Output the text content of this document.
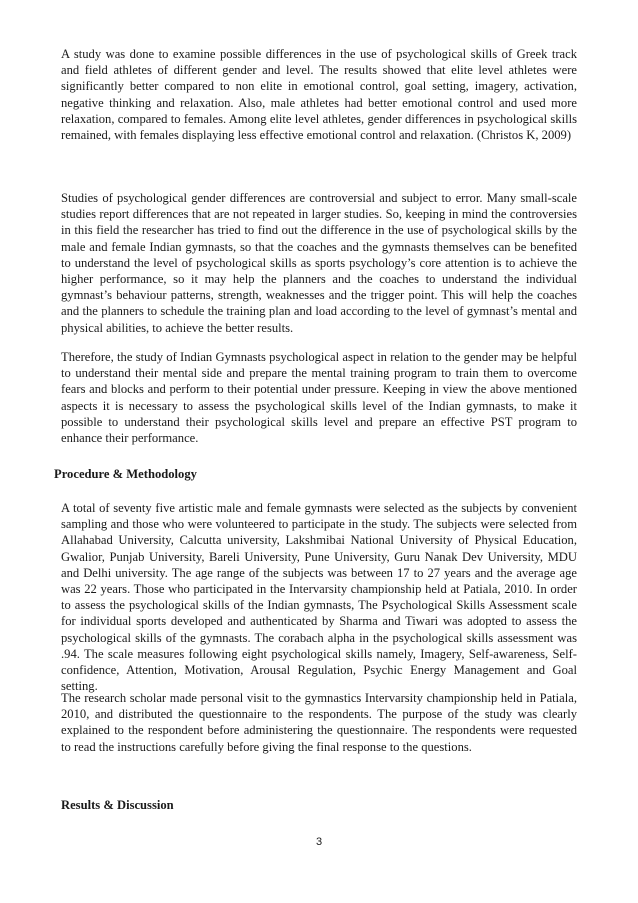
A study was done to examine possible differences in the use of psychological skills of Greek track and field athletes of different gender and level. The results showed that elite level athletes were significantly better compared to non elite in emotional control, goal setting, imagery, activation, negative thinking and relaxation. Also, male athletes had better emotional control and used more relaxation, compared to females. Among elite level athletes, gender differences in psychological skills remained, with females displaying less effective emotional control and relaxation. (Christos K, 2009)

Studies of psychological gender differences are controversial and subject to error. Many small-scale studies report differences that are not repeated in larger studies. So, keeping in mind the controversies in this field the researcher has tried to find out the difference in the use of psychological skills by the male and female Indian gymnasts, so that the coaches and the gymnasts themselves can be benefited to understand the level of psychological skills as sports psychology’s core attention is to achieve the higher performance, so it may help the planners and the coaches to understand the individual gymnast’s behaviour patterns, strength, weaknesses and the trigger point. This will help the coaches and the planners to schedule the training plan and load according to the level of gymnast’s mental and physical abilities, to achieve the better results.

Therefore, the study of Indian Gymnasts psychological aspect in relation to the gender may be helpful to understand their mental side and prepare the mental training program to train them to overcome fears and blocks and perform to their potential under pressure. Keeping in view the above mentioned aspects it is necessary to assess the psychological skills level of the Indian gymnasts, to make it possible to understand their psychological skills level and prepare an effective PST program to enhance their performance.

Procedure & Methodology

A total of seventy five artistic male and female gymnasts were selected as the subjects by convenient sampling and those who were volunteered to participate in the study. The subjects were selected from Allahabad University, Calcutta university, Lakshmibai National University of Physical Education, Gwalior, Punjab University, Bareli University, Pune University, Guru Nanak Dev University, MDU and Delhi university. The age range of the subjects was between 17 to 27 years and the average age was 22 years. Those who participated in the Intervarsity championship held at Patiala, 2010. In order to assess the psychological skills of the Indian gymnasts, The Psychological Skills Assessment scale for individual sports developed and authenticated by Sharma and Tiwari was adopted to assess the psychological skills of the gymnasts. The corabach alpha in the psychological skills assessment was .94. The scale measures following eight psychological skills namely, Imagery, Self-awareness, Self-confidence, Attention, Motivation, Arousal Regulation, Psychic Energy Management and Goal setting.

The research scholar made personal visit to the gymnastics Intervarsity championship held in Patiala, 2010, and distributed the questionnaire to the respondents. The purpose of the study was clearly explained to the respondent before administering the questionnaire. The respondents were requested to read the instructions carefully before giving the final response to the questions.

Results & Discussion
3
